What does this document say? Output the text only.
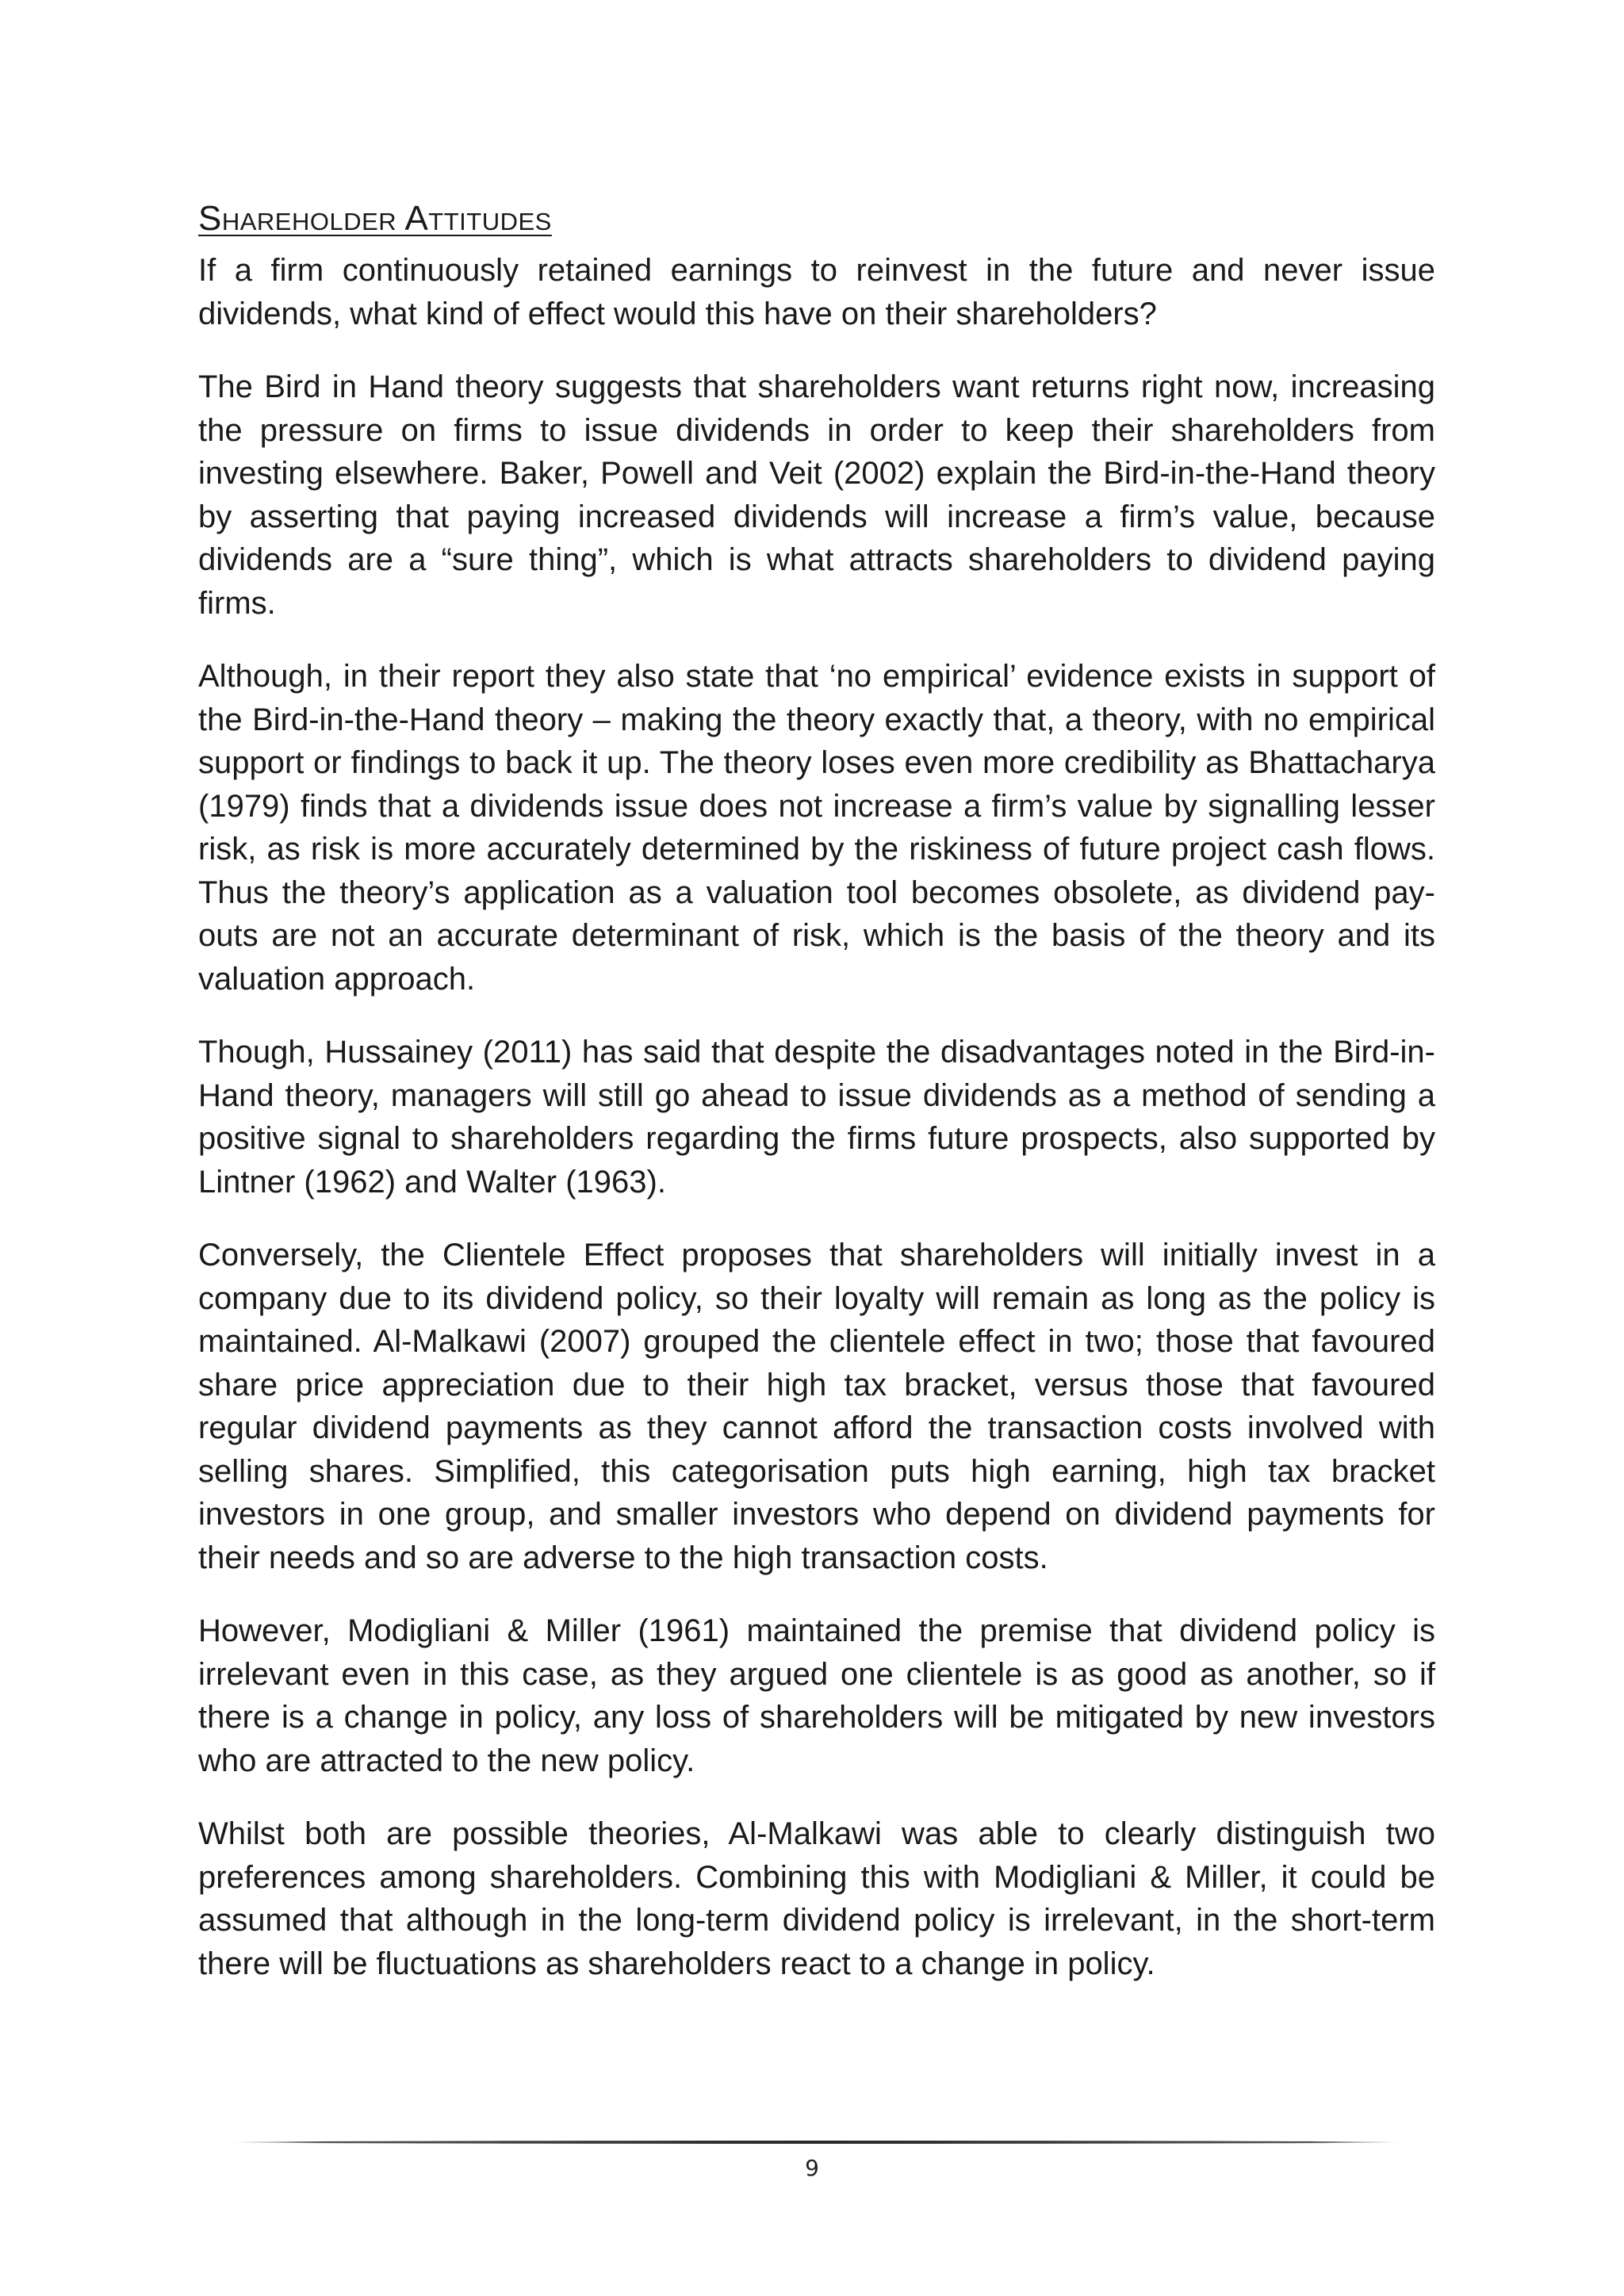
Shareholder Attitudes

If a firm continuously retained earnings to reinvest in the future and never issue dividends, what kind of effect would this have on their shareholders?

The Bird in Hand theory suggests that shareholders want returns right now, increasing the pressure on firms to issue dividends in order to keep their shareholders from investing elsewhere. Baker, Powell and Veit (2002) explain the Bird-in-the-Hand theory by asserting that paying increased dividends will increase a firm’s value, because dividends are a “sure thing”, which is what attracts shareholders to dividend paying firms.

Although, in their report they also state that ‘no empirical’ evidence exists in support of the Bird-in-the-Hand theory – making the theory exactly that, a theory, with no empirical support or findings to back it up. The theory loses even more credibility as Bhattacharya (1979) finds that a dividends issue does not increase a firm’s value by signalling lesser risk, as risk is more accurately determined by the riskiness of future project cash flows. Thus the theory’s application as a valuation tool becomes obsolete, as dividend pay-outs are not an accurate determinant of risk, which is the basis of the theory and its valuation approach.

Though, Hussainey (2011) has said that despite the disadvantages noted in the Bird-in-Hand theory, managers will still go ahead to issue dividends as a method of sending a positive signal to shareholders regarding the firms future prospects, also supported by Lintner (1962) and Walter (1963).

Conversely, the Clientele Effect proposes that shareholders will initially invest in a company due to its dividend policy, so their loyalty will remain as long as the policy is maintained. Al-Malkawi (2007) grouped the clientele effect in two; those that favoured share price appreciation due to their high tax bracket, versus those that favoured regular dividend payments as they cannot afford the transaction costs involved with selling shares. Simplified, this categorisation puts high earning, high tax bracket investors in one group, and smaller investors who depend on dividend payments for their needs and so are adverse to the high transaction costs.

However, Modigliani & Miller (1961) maintained the premise that dividend policy is irrelevant even in this case, as they argued one clientele is as good as another, so if there is a change in policy, any loss of shareholders will be mitigated by new investors who are attracted to the new policy.

Whilst both are possible theories, Al-Malkawi was able to clearly distinguish two preferences among shareholders. Combining this with Modigliani & Miller, it could be assumed that although in the long-term dividend policy is irrelevant, in the short-term there will be fluctuations as shareholders react to a change in policy.

9
